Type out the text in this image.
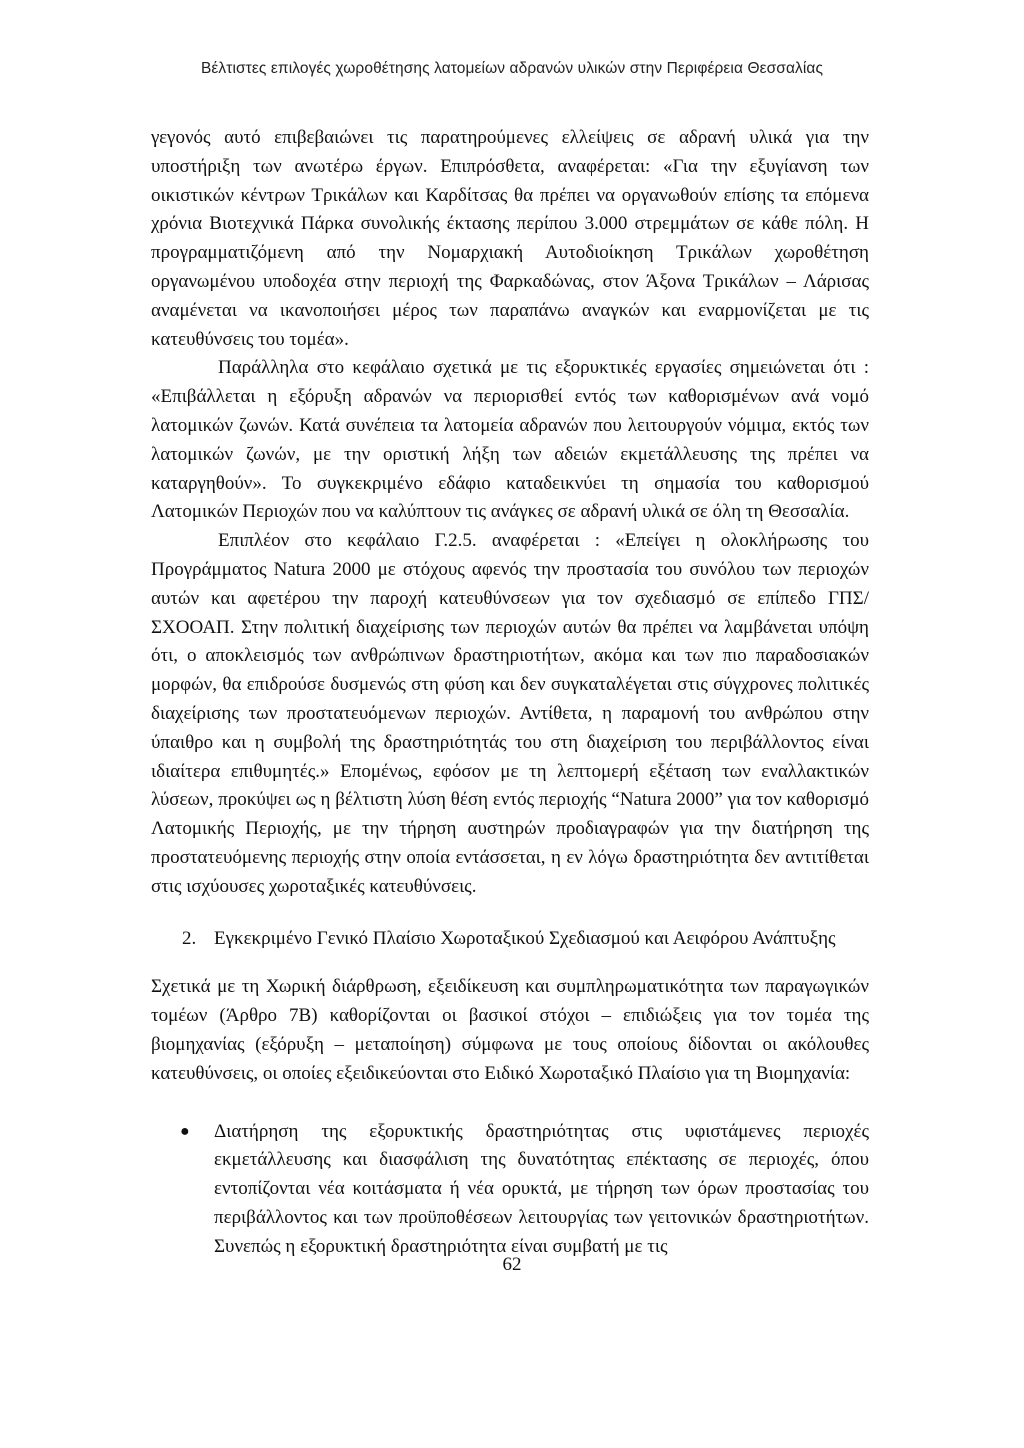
Βέλτιστες επιλογές χωροθέτησης λατομείων αδρανών υλικών στην Περιφέρεια Θεσσαλίας

γεγονός αυτό επιβεβαιώνει τις παρατηρούμενες ελλείψεις σε αδρανή υλικά για την υποστήριξη των ανωτέρω έργων. Επιπρόσθετα, αναφέρεται: «Για την εξυγίανση των οικιστικών κέντρων Τρικάλων και Καρδίτσας θα πρέπει να οργανωθούν επίσης τα επόμενα χρόνια Βιοτεχνικά Πάρκα συνολικής έκτασης περίπου 3.000 στρεμμάτων σε κάθε πόλη. Η προγραμματιζόμενη από την Νομαρχιακή Αυτοδιοίκηση Τρικάλων χωροθέτηση οργανωμένου υποδοχέα στην περιοχή της Φαρκαδώνας, στον Άξονα Τρικάλων – Λάρισας αναμένεται να ικανοποιήσει μέρος των παραπάνω αναγκών και εναρμονίζεται με τις κατευθύνσεις του τομέα».

Παράλληλα στο κεφάλαιο σχετικά με τις εξορυκτικές εργασίες σημειώνεται ότι : «Επιβάλλεται η εξόρυξη αδρανών να περιορισθεί εντός των καθορισμένων ανά νομό λατομικών ζωνών. Κατά συνέπεια τα λατομεία αδρανών που λειτουργούν νόμιμα, εκτός των λατομικών ζωνών, με την οριστική λήξη των αδειών εκμετάλλευσης της πρέπει να καταργηθούν». Το συγκεκριμένο εδάφιο καταδεικνύει τη σημασία του καθορισμού Λατομικών Περιοχών που να καλύπτουν τις ανάγκες σε αδρανή υλικά σε όλη τη Θεσσαλία.

Επιπλέον στο κεφάλαιο Γ.2.5. αναφέρεται : «Επείγει η ολοκλήρωσης του Προγράμματος Natura 2000 με στόχους αφενός την προστασία του συνόλου των περιοχών αυτών και αφετέρου την παροχή κατευθύνσεων για τον σχεδιασμό σε επίπεδο ΓΠΣ/ΣΧΟΟΑΠ. Στην πολιτική διαχείρισης των περιοχών αυτών θα πρέπει να λαμβάνεται υπόψη ότι, ο αποκλεισμός των ανθρώπινων δραστηριοτήτων, ακόμα και των πιο παραδοσιακών μορφών, θα επιδρούσε δυσμενώς στη φύση και δεν συγκαταλέγεται στις σύγχρονες πολιτικές διαχείρισης των προστατευόμενων περιοχών. Αντίθετα, η παραμονή του ανθρώπου στην ύπαιθρο και η συμβολή της δραστηριότητάς του στη διαχείριση του περιβάλλοντος είναι ιδιαίτερα επιθυμητές.» Επομένως, εφόσον με τη λεπτομερή εξέταση των εναλλακτικών λύσεων, προκύψει ως η βέλτιστη λύση θέση εντός περιοχής “Natura 2000” για τον καθορισμό Λατομικής Περιοχής, με την τήρηση αυστηρών προδιαγραφών για την διατήρηση της προστατευόμενης περιοχής στην οποία εντάσσεται, η εν λόγω δραστηριότητα δεν αντιτίθεται στις ισχύουσες χωροταξικές κατευθύνσεις.

2. Εγκεκριμένο Γενικό Πλαίσιο Χωροταξικού Σχεδιασμού και Αειφόρου Ανάπτυξης

Σχετικά με τη Χωρική διάρθρωση, εξειδίκευση και συμπληρωματικότητα των παραγωγικών τομέων (Άρθρο 7Β) καθορίζονται οι βασικοί στόχοι – επιδιώξεις για τον τομέα της βιομηχανίας (εξόρυξη – μεταποίηση) σύμφωνα με τους οποίους δίδονται οι ακόλουθες κατευθύνσεις, οι οποίες εξειδικεύονται στο Ειδικό Χωροταξικό Πλαίσιο για τη Βιομηχανία:

●	Διατήρηση της εξορυκτικής δραστηριότητας στις υφιστάμενες περιοχές εκμετάλλευσης και διασφάλιση της δυνατότητας επέκτασης σε περιοχές, όπου εντοπίζονται νέα κοιτάσματα ή νέα ορυκτά, με τήρηση των όρων προστασίας του περιβάλλοντος και των προϋποθέσεων λειτουργίας των γειτονικών δραστηριοτήτων. Συνεπώς η εξορυκτική δραστηριότητα είναι συμβατή με τις
62
